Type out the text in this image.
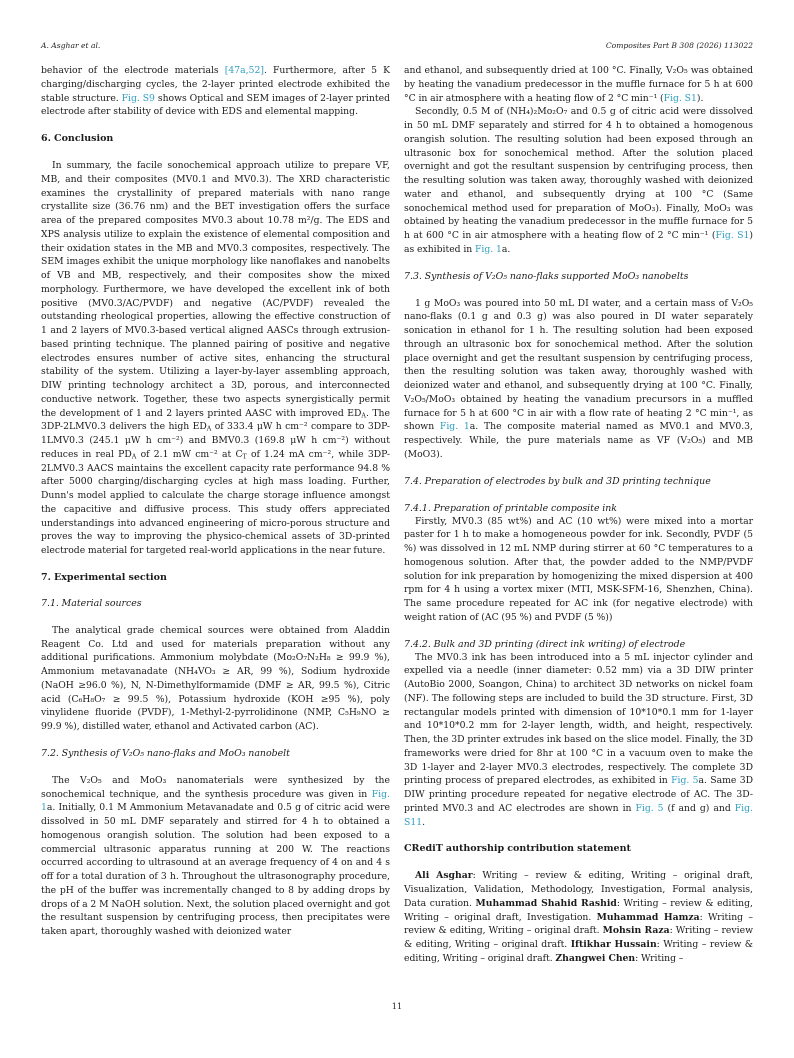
A. Asghar et al.	Composites Part B 308 (2026) 113022

behavior of the electrode materials [47a,52]. Furthermore, after 5 K charging/discharging cycles, the 2-layer printed electrode exhibited the stable structure. Fig. S9 shows Optical and SEM images of 2-layer printed electrode after stability of device with EDS and elemental mapping.

6. Conclusion

In summary, the facile sonochemical approach utilize to prepare VF, MB, and their composites (MV0.1 and MV0.3). The XRD characteristic examines the crystallinity of prepared materials with nano range crystallite size (36.76 nm) and the BET investigation offers the surface area of the prepared composites MV0.3 about 10.78 m²/g. The EDS and XPS analysis utilize to explain the existence of elemental composition and their oxidation states in the MB and MV0.3 composites, respectively. The SEM images exhibit the unique morphology like nanoflakes and nanobelts of VB and MB, respectively, and their composites show the mixed morphology. Furthermore, we have developed the excellent ink of both positive (MV0.3/AC/PVDF) and negative (AC/PVDF) revealed the outstanding rheological properties, allowing the effective construction of 1 and 2 layers of MV0.3-based vertical aligned AASCs through extrusion-based printing technique. The planned pairing of positive and negative electrodes ensures number of active sites, enhancing the structural stability of the system. Utilizing a layer-by-layer assembling approach, DIW printing technology architect a 3D, porous, and interconnected conductive network. Together, these two aspects synergistically permit the development of 1 and 2 layers printed AASC with improved $ED_A$. The 3DP-2LMV0.3 delivers the high $ED_A$ of 333.4 μW h cm⁻² compare to 3DP-1LMV0.3 (245.1 μW h cm⁻²) and BMV0.3 (169.8 μW h cm⁻²) without reduces in real $PD_A$ of 2.1 mW cm⁻² at $C_T$ of 1.24 mA cm⁻², while 3DP-2LMV0.3 AACS maintains the excellent capacity rate performance 94.8 % after 5000 charging/discharging cycles at high mass loading. Further, Dunn's model applied to calculate the charge storage influence amongst the capacitive and diffusive process. This study offers appreciated understandings into advanced engineering of micro-porous structure and proves the way to improving the physico-chemical assets of 3D-printed electrode material for targeted real-world applications in the near future.

7. Experimental section
7.1. Material sources

The analytical grade chemical sources were obtained from Aladdin Reagent Co. Ltd and used for materials preparation without any additional purifications. Ammonium molybdate (Mo₂O₇N₂H₈ ≥ 99.9 %), Ammonium metavanadate (NH₄VO₃ ≥ AR, 99 %), Sodium hydroxide (NaOH ≥96.0 %), N, N-Dimethylformamide (DMF ≥ AR, 99.5 %), Citric acid (C₆H₈O₇ ≥ 99.5 %), Potassium hydroxide (KOH ≥95 %), poly vinylidene fluoride (PVDF), 1-Methyl-2-pyrrolidinone (NMP, C₅H₉NO ≥ 99.9 %), distilled water, ethanol and Activated carbon (AC).

7.2. Synthesis of V₂O₅ nano-flaks and MoO₃ nanobelt

The V₂O₅ and MoO₃ nanomaterials were synthesized by the sonochemical technique, and the synthesis procedure was given in Fig. 1a. Initially, 0.1 M Ammonium Metavanadate and 0.5 g of citric acid were dissolved in 50 mL DMF separately and stirred for 4 h to obtained a homogenous orangish solution. The solution had been exposed to a commercial ultrasonic apparatus running at 200 W. The reactions occurred according to ultrasound at an average frequency of 4 on and 4 s off for a total duration of 3 h. Throughout the ultrasonography procedure, the pH of the buffer was incrementally changed to 8 by adding drops by drops of a 2 M NaOH solution. Next, the solution placed overnight and got the resultant suspension by centrifuging process, then precipitates were taken apart, thoroughly washed with deionized water

and ethanol, and subsequently dried at 100 °C. Finally, V₂O₅ was obtained by heating the vanadium predecessor in the muffle furnace for 5 h at 600 °C in air atmosphere with a heating flow of 2 °C min⁻¹ (Fig. S1).

Secondly, 0.5 M of (NH₄)₂Mo₂O₇ and 0.5 g of citric acid were dissolved in 50 mL DMF separately and stirred for 4 h to obtained a homogenous orangish solution. The resulting solution had been exposed through an ultrasonic box for sonochemical method. After the solution placed overnight and got the resultant suspension by centrifuging process, then the resulting solution was taken away, thoroughly washed with deionized water and ethanol, and subsequently drying at 100 °C (Same sonochemical method used for preparation of MoO₃). Finally, MoO₃ was obtained by heating the vanadium predecessor in the muffle furnace for 5 h at 600 °C in air atmosphere with a heating flow of 2 °C min⁻¹ (Fig. S1) as exhibited in Fig. 1a.

7.3. Synthesis of V₂O₅ nano-flaks supported MoO₃ nanobelts

1 g MoO₃ was poured into 50 mL DI water, and a certain mass of V₂O₅ nano-flaks (0.1 g and 0.3 g) was also poured in DI water separately sonication in ethanol for 1 h. The resulting solution had been exposed through an ultrasonic box for sonochemical method. After the solution place overnight and get the resultant suspension by centrifuging process, then the resulting solution was taken away, thoroughly washed with deionized water and ethanol, and subsequently drying at 100 °C. Finally, V₂O₅/MoO₃ obtained by heating the vanadium precursors in a muffled furnace for 5 h at 600 °C in air with a flow rate of heating 2 °C min⁻¹, as shown Fig. 1a. The composite material named as MV0.1 and MV0.3, respectively. While, the pure materials name as VF (V₂O₅) and MB (MoO3).

7.4. Preparation of electrodes by bulk and 3D printing technique
7.4.1. Preparation of printable composite ink

Firstly, MV0.3 (85 wt%) and AC (10 wt%) were mixed into a mortar paster for 1 h to make a homogeneous powder for ink. Secondly, PVDF (5 %) was dissolved in 12 mL NMP during stirrer at 60 °C temperatures to a homogenous solution. After that, the powder added to the NMP/PVDF solution for ink preparation by homogenizing the mixed dispersion at 400 rpm for 4 h using a vortex mixer (MTI, MSK-SFM-16, Shenzhen, China). The same procedure repeated for AC ink (for negative electrode) with weight ration of (AC (95 %) and PVDF (5 %))

7.4.2. Bulk and 3D printing (direct ink writing) of electrode

The MV0.3 ink has been introduced into a 5 mL injector cylinder and expelled via a needle (inner diameter: 0.52 mm) via a 3D DIW printer (AutoBio 2000, Soangon, China) to architect 3D networks on nickel foam (NF). The following steps are included to build the 3D structure. First, 3D rectangular models printed with dimension of 10*10*0.1 mm for 1-layer and 10*10*0.2 mm for 2-layer length, width, and height, respectively. Then, the 3D printer extrudes ink based on the slice model. Finally, the 3D frameworks were dried for 8hr at 100 °C in a vacuum oven to make the 3D 1-layer and 2-layer MV0.3 electrodes, respectively. The complete 3D printing process of prepared electrodes, as exhibited in Fig. 5a. Same 3D DIW printing procedure repeated for negative electrode of AC. The 3D-printed MV0.3 and AC electrodes are shown in Fig. 5 (f and g) and Fig. S11.

CRediT authorship contribution statement

Ali Asghar: Writing – review & editing, Writing – original draft, Visualization, Validation, Methodology, Investigation, Formal analysis, Data curation. Muhammad Shahid Rashid: Writing – review & editing, Writing – original draft, Investigation. Muhammad Hamza: Writing – review & editing, Writing – original draft. Mohsin Raza: Writing – review & editing, Writing – original draft. Iftikhar Hussain: Writing – review & editing, Writing – original draft. Zhangwei Chen: Writing –

11
